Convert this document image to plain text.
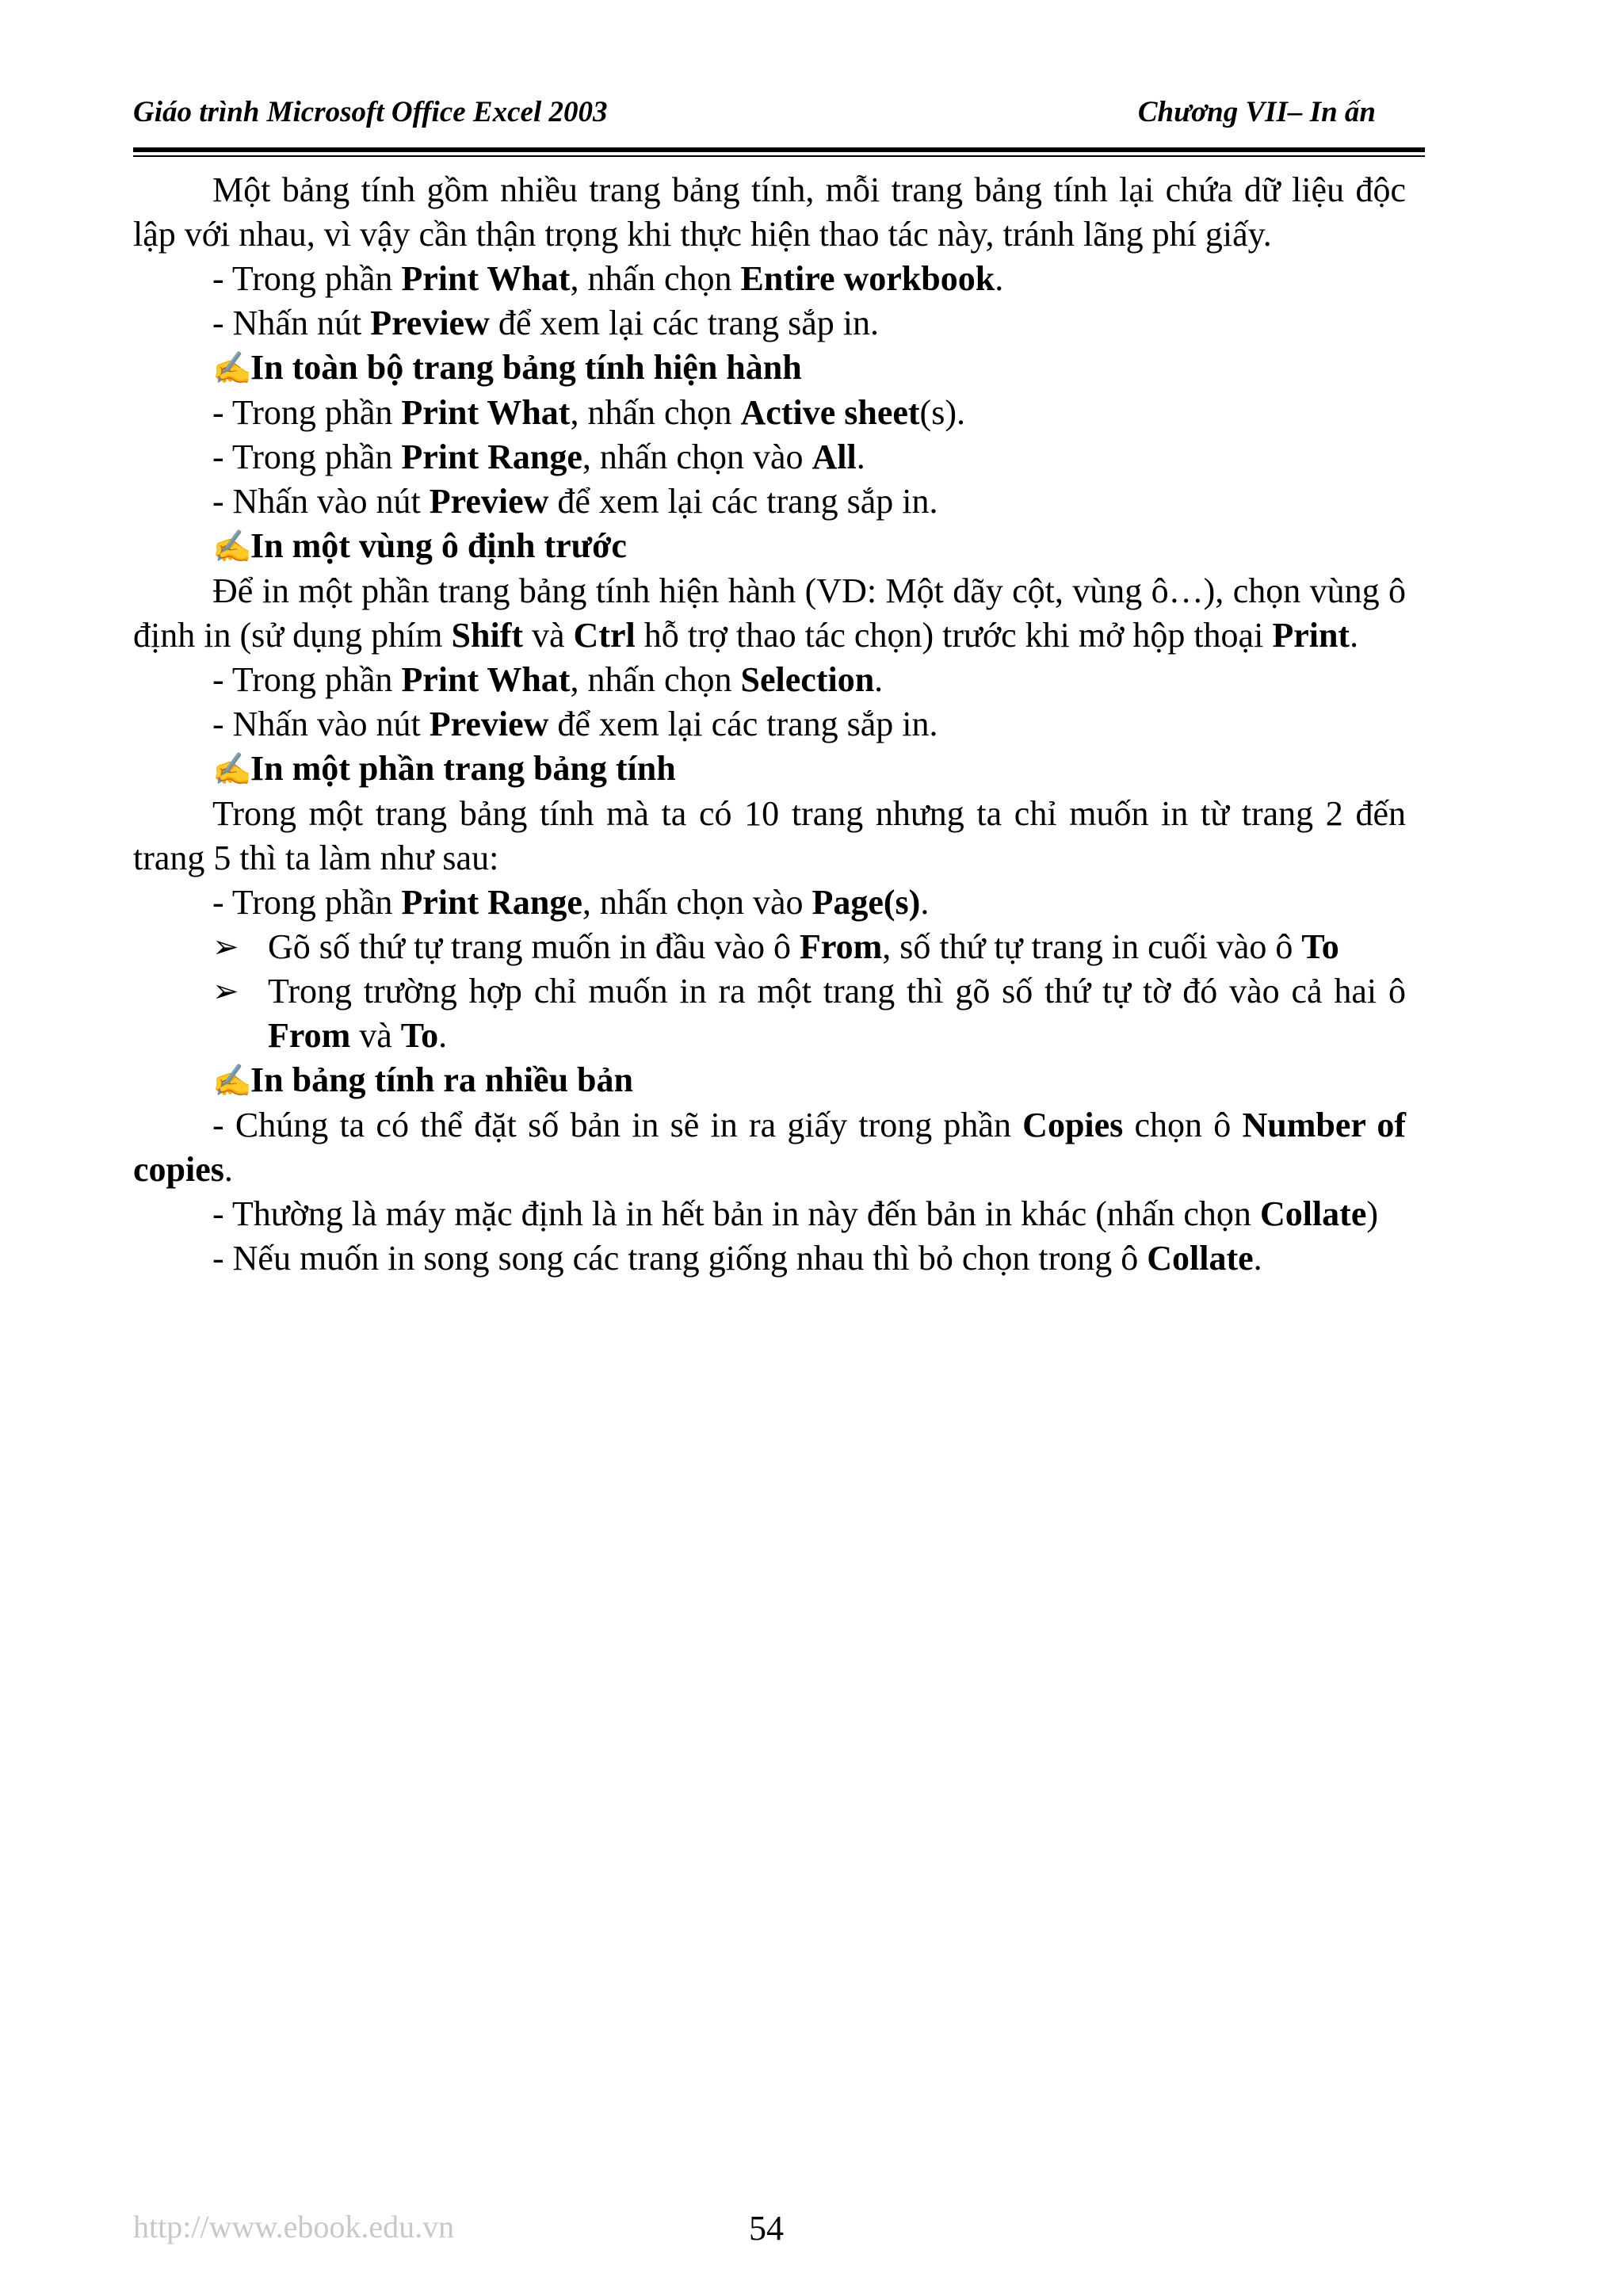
Giáo trình Microsoft Office Excel 2003	Chương VII– In ấn

Một bảng tính gồm nhiều trang bảng tính, mỗi trang bảng tính lại chứa dữ liệu độc lập với nhau, vì vậy cần thận trọng khi thực hiện thao tác này, tránh lãng phí giấy.

- Trong phần Print What, nhấn chọn Entire workbook.

- Nhấn nút Preview để xem lại các trang sắp in.

✍In toàn bộ trang bảng tính hiện hành

- Trong phần Print What, nhấn chọn Active sheet(s).

- Trong phần Print Range, nhấn chọn vào All.

- Nhấn vào nút Preview để xem lại các trang sắp in.

✍In một vùng ô định trước

Để in một phần trang bảng tính hiện hành (VD: Một dãy cột, vùng ô…), chọn vùng ô định in (sử dụng phím Shift và Ctrl hỗ trợ thao tác chọn) trước khi mở hộp thoại Print.

- Trong phần Print What, nhấn chọn Selection.

- Nhấn vào nút Preview để xem lại các trang sắp in.

✍In một phần trang bảng tính

Trong một trang bảng tính mà ta có 10 trang nhưng ta chỉ muốn in từ trang 2 đến trang 5 thì ta làm như sau:

- Trong phần Print Range, nhấn chọn vào Page(s).

➢ Gõ số thứ tự trang muốn in đầu vào ô From, số thứ tự trang in cuối vào ô To

➢ Trong trường hợp chỉ muốn in ra một trang thì gõ số thứ tự tờ đó vào cả hai ô From và To.

✍In bảng tính ra nhiều bản

- Chúng ta có thể đặt số bản in sẽ in ra giấy trong phần Copies chọn ô Number of copies.

- Thường là máy mặc định là in hết bản in này đến bản in khác (nhấn chọn Collate)

- Nếu muốn in song song các trang giống nhau thì bỏ chọn trong ô Collate.

http://www.ebook.edu.vn	54
